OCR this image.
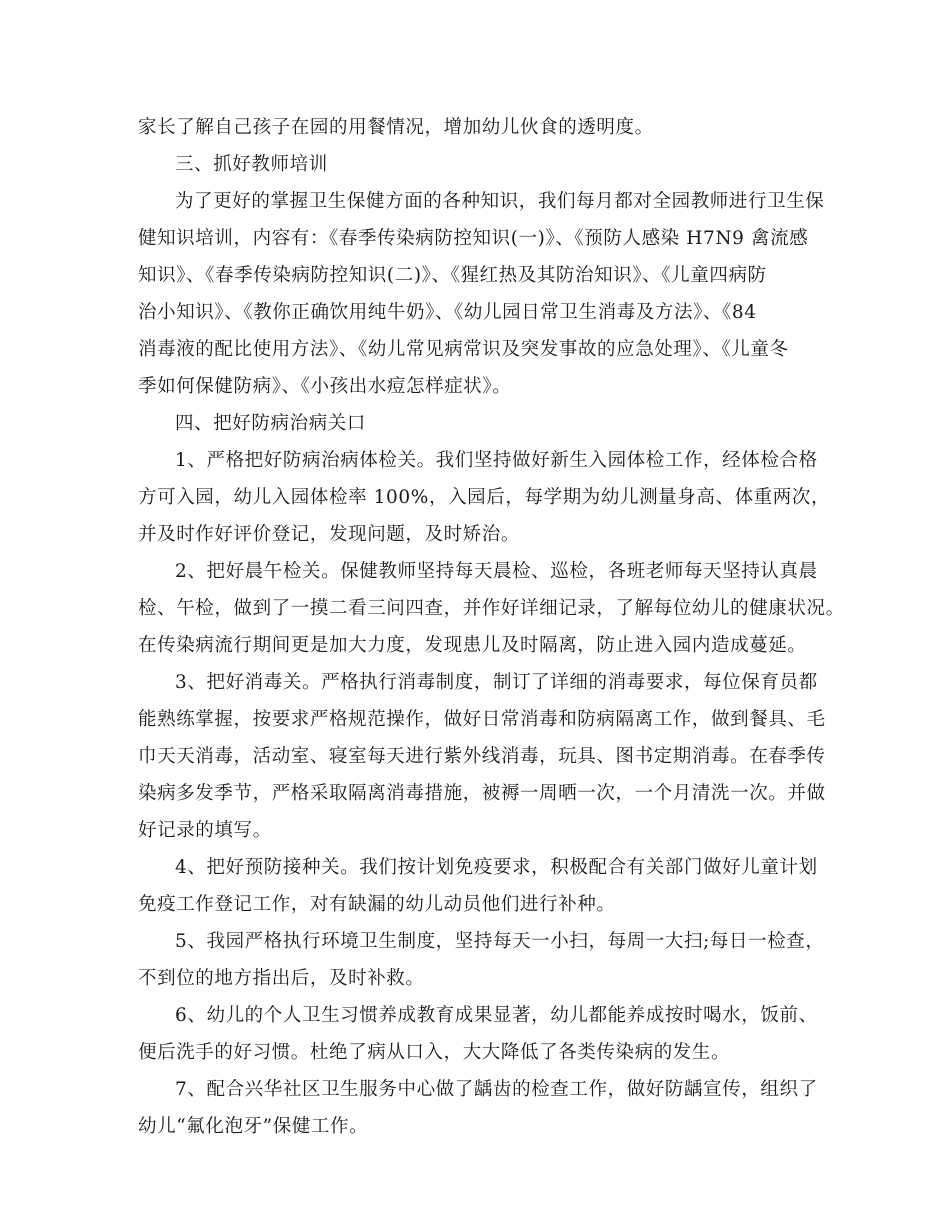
家长了解自己孩子在园的用餐情况，增加幼儿伙食的透明度。
三、抓好教师培训
为了更好的掌握卫生保健方面的各种知识，我们每月都对全园教师进行卫生保
健知识培训，内容有：《春季传染病防控知识(一)》、《预防人感染 H7N9 禽流感
知识》、《春季传染病防控知识(二)》、《猩红热及其防治知识》、《儿童四病防
治小知识》、《教你正确饮用纯牛奶》、《幼儿园日常卫生消毒及方法》、《84
消毒液的配比使用方法》、《幼儿常见病常识及突发事故的应急处理》、《儿童冬
季如何保健防病》、《小孩出水痘怎样症状》。
四、把好防病治病关口
1、严格把好防病治病体检关。我们坚持做好新生入园体检工作，经体检合格
方可入园，幼儿入园体检率 100%，入园后，每学期为幼儿测量身高、体重两次，
并及时作好评价登记，发现问题，及时矫治。
2、把好晨午检关。保健教师坚持每天晨检、巡检，各班老师每天坚持认真晨
检、午检，做到了一摸二看三问四查，并作好详细记录，了解每位幼儿的健康状况。
在传染病流行期间更是加大力度，发现患儿及时隔离，防止进入园内造成蔓延。
3、把好消毒关。严格执行消毒制度，制订了详细的消毒要求，每位保育员都
能熟练掌握，按要求严格规范操作，做好日常消毒和防病隔离工作，做到餐具、毛
巾天天消毒，活动室、寝室每天进行紫外线消毒，玩具、图书定期消毒。在春季传
染病多发季节，严格采取隔离消毒措施，被褥一周晒一次，一个月清洗一次。并做
好记录的填写。
4、把好预防接种关。我们按计划免疫要求，积极配合有关部门做好儿童计划
免疫工作登记工作，对有缺漏的幼儿动员他们进行补种。
5、我园严格执行环境卫生制度，坚持每天一小扫，每周一大扫;每日一检查，
不到位的地方指出后，及时补救。
6、幼儿的个人卫生习惯养成教育成果显著，幼儿都能养成按时喝水，饭前、
便后洗手的好习惯。杜绝了病从口入，大大降低了各类传染病的发生。
7、配合兴华社区卫生服务中心做了龋齿的检查工作，做好防龋宣传，组织了
幼儿“氟化泡牙”保健工作。
